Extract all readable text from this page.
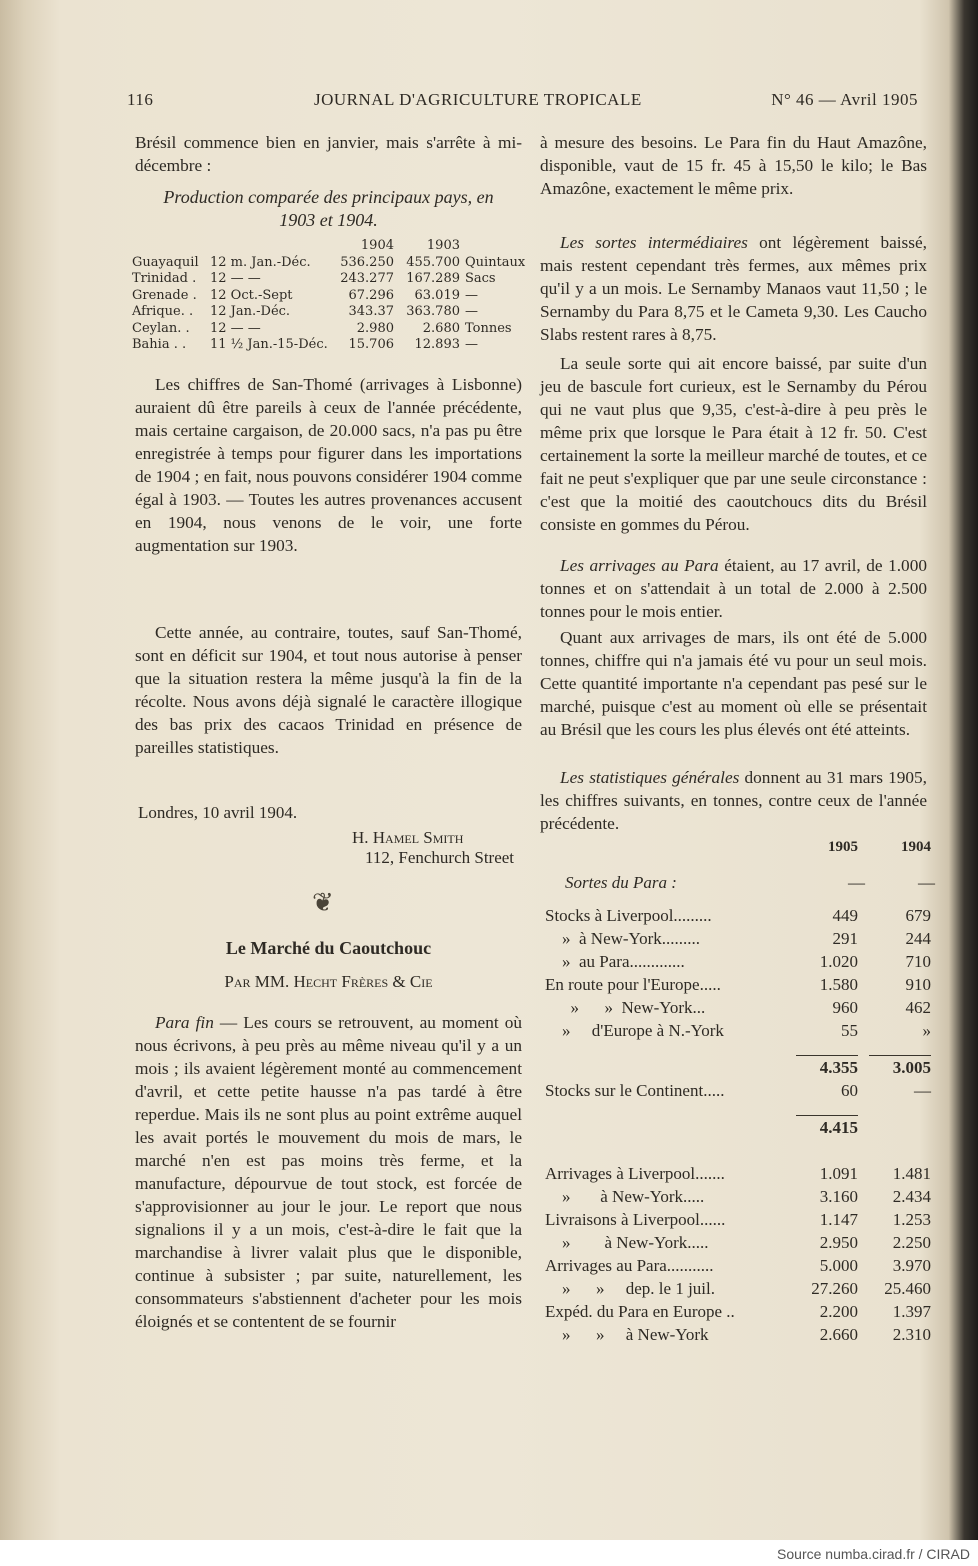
116	JOURNAL D'AGRICULTURE TROPICALE	N° 46 — Avril 1905

Brésil commence bien en janvier, mais s'arrête à mi-décembre :

Production comparée des principaux pays, en 1903 et 1904.
1904	1903
Guayaquil 12 m. Jan.-Déc.	536.250 455.700 Quintaux
Trinidad .	12 — —	243.277 167.289 Sacs
Grenade .	12 Oct.-Sept	67.296	63.019 —
Afrique. .	12 Jan.-Déc.	343.37 363.780 —
Ceylan. .	12 — —	2.980	2.680 Tonnes
Bahia . .	11 ½ Jan.-15-Déc.	15.706	12.893 —

Les chiffres de San-Thomé (arrivages à Lisbonne) auraient dû être pareils à ceux de l'année précédente, mais certaine cargaison, de 20.000 sacs, n'a pas pu être enregistrée à temps pour figurer dans les importations de 1904 ; en fait, nous pouvons considérer 1904 comme égal à 1903. — Toutes les autres provenances accusent en 1904, nous venons de le voir, une forte augmentation sur 1903.

Cette année, au contraire, toutes, sauf San-Thomé, sont en déficit sur 1904, et tout nous autorise à penser que la situation restera la même jusqu'à la fin de la récolte. Nous avons déjà signalé le caractère illogique des bas prix des cacaos Trinidad en présence de pareilles statistiques.

Londres, 10 avril 1904.
H. Hamel Smith
112, Fenchurch Street
❦
Le Marché du Caoutchouc
Par MM. Hecht Frères & Cie

Para fin — Les cours se retrouvent, au moment où nous écrivons, à peu près au même niveau qu'il y a un mois ; ils avaient légèrement monté au commencement d'avril, et cette petite hausse n'a pas tardé à être reperdue. Mais ils ne sont plus au point extrême auquel les avait portés le mouvement du mois de mars, le marché n'en est pas moins très ferme, et la manufacture, dépourvue de tout stock, est forcée de s'approvisionner au jour le jour. Le report que nous signalions il y a un mois, c'est-à-dire le fait que la marchandise à livrer valait plus que le disponible, continue à subsister ; par suite, naturellement, les consommateurs s'abstiennent d'acheter pour les mois éloignés et se contentent de se fournir

à mesure des besoins. Le Para fin du Haut Amazône, disponible, vaut de 15 fr. 45 à 15,50 le kilo; le Bas Amazône, exactement le même prix.

Les sortes intermédiaires ont légèrement baissé, mais restent cependant très fermes, aux mêmes prix qu'il y a un mois. Le Sernamby Manaos vaut 11,50 ; le Sernamby du Para 8,75 et le Cameta 9,30. Les Caucho Slabs restent rares à 8,75.

La seule sorte qui ait encore baissé, par suite d'un jeu de bascule fort curieux, est le Sernamby du Pérou qui ne vaut plus que 9,35, c'est-à-dire à peu près le même prix que lorsque le Para était à 12 fr. 50. C'est certainement la sorte la meilleur marché de toutes, et ce fait ne peut s'expliquer que par une seule circonstance : c'est que la moitié des caoutchoucs dits du Brésil consiste en gommes du Pérou.

Les arrivages au Para étaient, au 17 avril, de 1.000 tonnes et on s'attendait à un total de 2.000 à 2.500 tonnes pour le mois entier.

Quant aux arrivages de mars, ils ont été de 5.000 tonnes, chiffre qui n'a jamais été vu pour un seul mois. Cette quantité importante n'a cependant pas pesé sur le marché, puisque c'est au moment où elle se présentait au Brésil que les cours les plus élevés ont été atteints.

Les statistiques générales donnent au 31 mars 1905, les chiffres suivants, en tonnes, contre ceux de l'année précédente.

1905	1904
Sortes du Para :	—	—
Stocks à Liverpool.........	449	679
»  à New-York.........	291	244
»  au Para.............	1.020	710
En route pour l'Europe.....	1.580	910
»      »  New-York...	960	462
»     d'Europe à N.-York	55	»
4.355	3.005
Stocks sur le Continent.....	60	—
4.415
Arrivages à Liverpool.......	1.091	1.481
»       à New-York.....	3.160	2.434
Livraisons à Liverpool......	1.147	1.253
»        à New-York.....	2.950	2.250
Arrivages au Para...........	5.000	3.970
»      »     dep. le 1 juil.	27.260	25.460
Expéd. du Para en Europe ..	2.200	1.397
»      »     à New-York	2.660	2.310
Source numba.cirad.fr / CIRAD
